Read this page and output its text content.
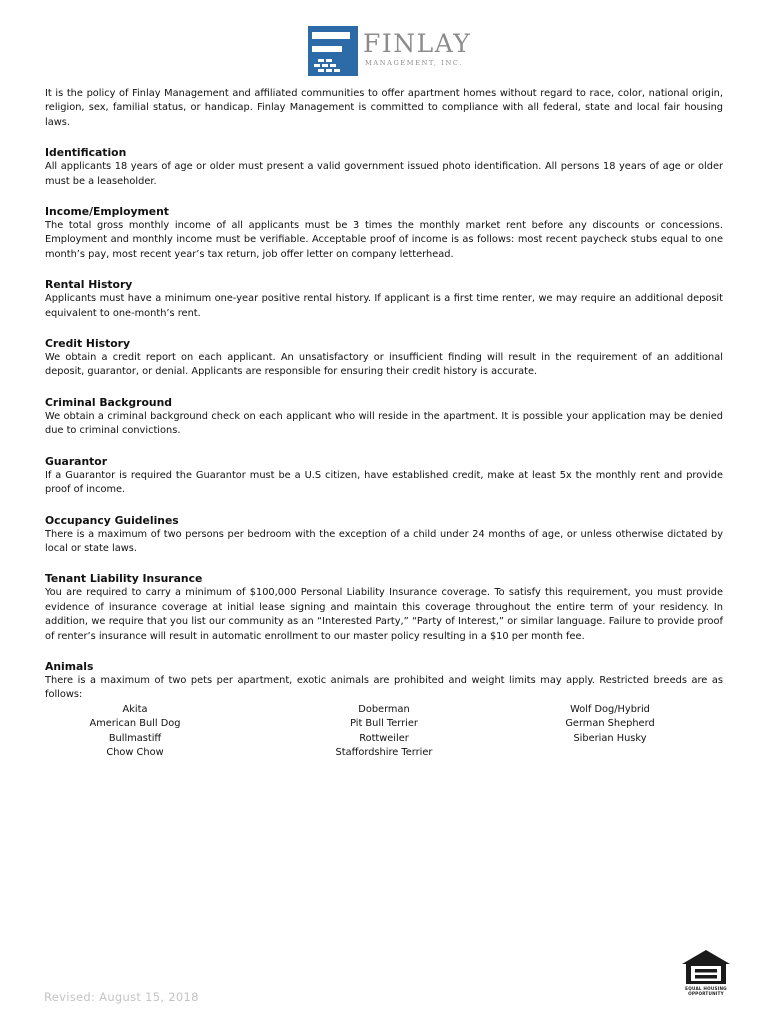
FINLAY
MANAGEMENT, INC.

It is the policy of Finlay Management and affiliated communities to offer apartment homes without regard to race, color, national origin, religion, sex, familial status, or handicap. Finlay Management is committed to compliance with all federal, state and local fair housing laws.

Identification

All applicants 18 years of age or older must present a valid government issued photo identification. All persons 18 years of age or older must be a leaseholder.

Income/Employment

The total gross monthly income of all applicants must be 3 times the monthly market rent before any discounts or concessions. Employment and monthly income must be verifiable. Acceptable proof of income is as follows: most recent paycheck stubs equal to one month’s pay, most recent year’s tax return, job offer letter on company letterhead.

Rental History

Applicants must have a minimum one-year positive rental history. If applicant is a first time renter, we may require an additional deposit equivalent to one-month’s rent.

Credit History

We obtain a credit report on each applicant. An unsatisfactory or insufficient finding will result in the requirement of an additional deposit, guarantor, or denial. Applicants are responsible for ensuring their credit history is accurate.

Criminal Background

We obtain a criminal background check on each applicant who will reside in the apartment. It is possible your application may be denied due to criminal convictions.

Guarantor

If a Guarantor is required the Guarantor must be a U.S citizen, have established credit, make at least 5x the monthly rent and provide proof of income.

Occupancy Guidelines

There is a maximum of two persons per bedroom with the exception of a child under 24 months of age, or unless otherwise dictated by local or state laws.

Tenant Liability Insurance

You are required to carry a minimum of $100,000 Personal Liability Insurance coverage. To satisfy this requirement, you must provide evidence of insurance coverage at initial lease signing and maintain this coverage throughout the entire term of your residency. In addition, we require that you list our community as an “Interested Party,” “Party of Interest,” or similar language. Failure to provide proof of renter’s insurance will result in automatic enrollment to our master policy resulting in a $10 per month fee.

Animals

There is a maximum of two pets per apartment, exotic animals are prohibited and weight limits may apply. Restricted breeds are as follows:

Akita
American Bull Dog
Bullmastiff
Chow Chow
Doberman
Pit Bull Terrier
Rottweiler
Staffordshire Terrier
Wolf Dog/Hybrid
German Shepherd
Siberian Husky
Revised: August 15, 2018
EQUAL HOUSING
OPPORTUNITY
